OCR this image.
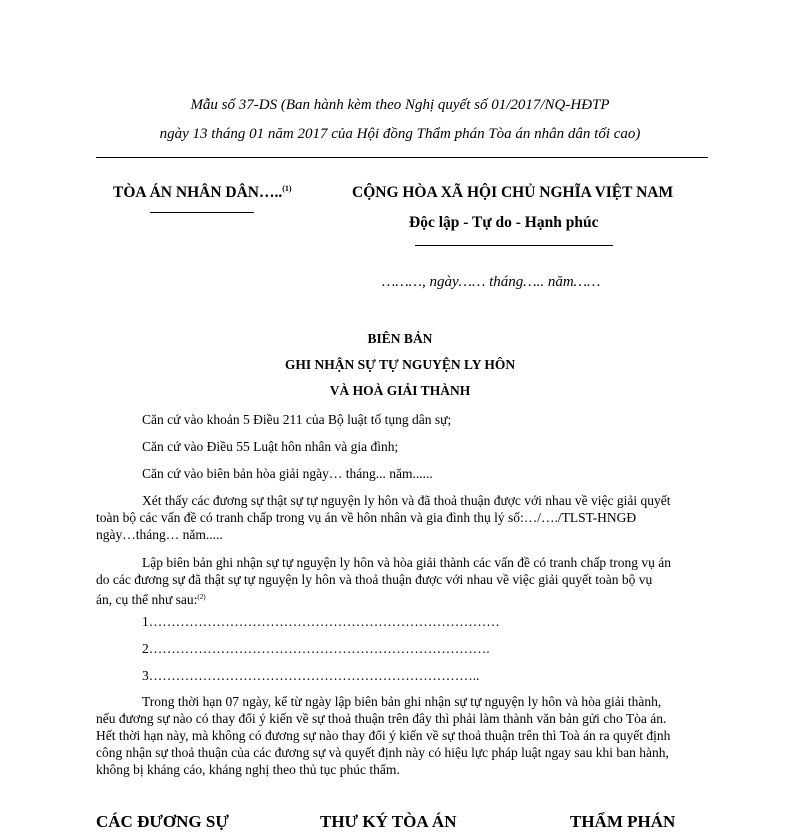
Mẫu số 37-DS (Ban hành kèm theo Nghị quyết số 01/2017/NQ-HĐTP
ngày 13 tháng 01 năm 2017 của Hội đồng Thẩm phán Tòa án nhân dân tối cao)
TÒA ÁN NHÂN DÂN…..$^{(1)}$	CỘNG HÒA XÃ HỘI CHỦ NGHĨA VIỆT NAM
Độc lập - Tự do - Hạnh phúc
………, ngày…… tháng….. năm……
BIÊN BẢN
GHI NHẬN SỰ TỰ NGUYỆN LY HÔN
VÀ HOÀ GIẢI THÀNH
Căn cứ vào khoản 5 Điều 211 của Bộ luật tố tụng dân sự;
Căn cứ vào Điều 55 Luật hôn nhân và gia đình;
Căn cứ vào biên bản hòa giải ngày… tháng... năm......
Xét thấy các đương sự thật sự tự nguyện ly hôn và đã thoả thuận được với nhau về việc giải quyết
toàn bộ các vấn đề có tranh chấp trong vụ án về hôn nhân và gia đình thụ lý số:…/…./TLST-HNGĐ
ngày…tháng… năm.....
Lập biên bản ghi nhận sự tự nguyện ly hôn và hòa giải thành các vấn đề có tranh chấp trong vụ án
do các đương sự đã thật sự tự nguyện ly hôn và thoả thuận được với nhau về việc giải quyết toàn bộ vụ
án, cụ thể như sau:$^{(2)}$
1……………………………………………………………………
2………………………………………………………………….
3………………………………………………………………..
Trong thời hạn 07 ngày, kể từ ngày lập biên bản ghi nhận sự tự nguyện ly hôn và hòa giải thành,
nếu đương sự nào có thay đổi ý kiến về sự thoả thuận trên đây thì phải làm thành văn bản gửi cho Tòa án.
Hết thời hạn này, mà không có đương sự nào thay đổi ý kiến về sự thoả thuận trên thì Toà án ra quyết định
công nhận sự thoả thuận của các đương sự và quyết định này có hiệu lực pháp luật ngay sau khi ban hành,
không bị kháng cáo, kháng nghị theo thủ tục phúc thẩm.
CÁC ĐƯƠNG SỰ	THƯ KÝ TÒA ÁN	THẨM PHÁN
